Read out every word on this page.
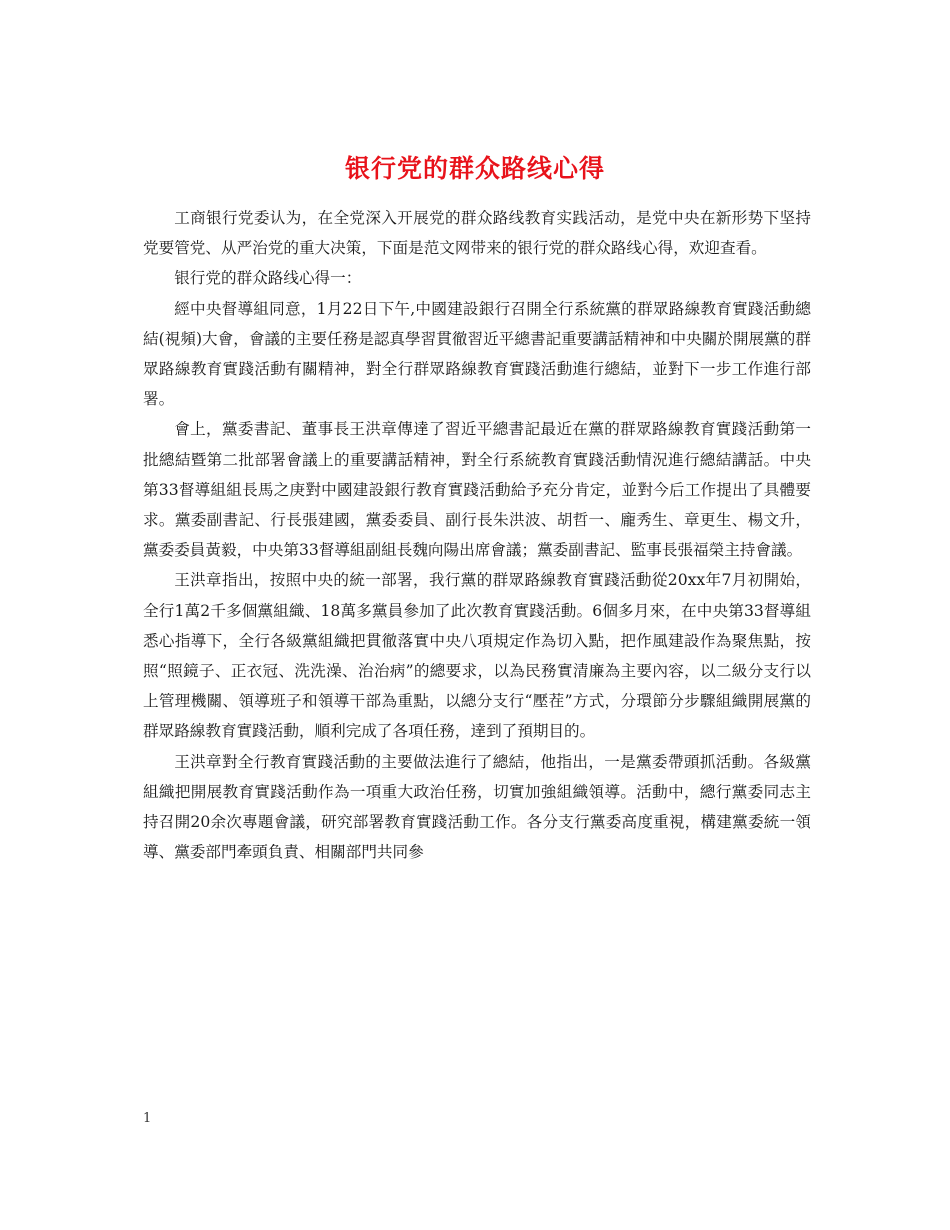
银行党的群众路线心得

工商银行党委认为，在全党深入开展党的群众路线教育实践活动，是党中央在新形势下坚持党要管党、从严治党的重大决策，下面是范文网带来的银行党的群众路线心得，欢迎查看。

银行党的群众路线心得一：

經中央督導組同意，1月22日下午,中國建設銀行召開全行系統黨的群眾路線教育實踐活動總結(視頻)大會，會議的主要任務是認真學習貫徹習近平總書記重要講話精神和中央關於開展黨的群眾路線教育實踐活動有關精神，對全行群眾路線教育實踐活動進行總結，並對下一步工作進行部署。

會上，黨委書記、董事長王洪章傳達了習近平總書記最近在黨的群眾路線教育實踐活動第一批總結暨第二批部署會議上的重要講話精神，對全行系統教育實踐活動情況進行總結講話。中央第33督導組組長馬之庚對中國建設銀行教育實踐活動給予充分肯定，並對今后工作提出了具體要求。黨委副書記、行長張建國，黨委委員、副行長朱洪波、胡哲一、龐秀生、章更生、楊文升，黨委委員黃毅，中央第33督導組副組長魏向陽出席會議；黨委副書記、監事長張福榮主持會議。

王洪章指出，按照中央的統一部署，我行黨的群眾路線教育實踐活動從20xx年7月初開始，全行1萬2千多個黨組織、18萬多黨員參加了此次教育實踐活動。6個多月來，在中央第33督導組悉心指導下，全行各級黨組織把貫徹落實中央八項規定作為切入點，把作風建設作為聚焦點，按照“照鏡子、正衣冠、洗洗澡、治治病”的總要求，以為民務實清廉為主要內容，以二級分支行以上管理機關、領導班子和領導干部為重點，以總分支行“壓茬”方式，分環節分步驟組織開展黨的群眾路線教育實踐活動，順利完成了各項任務，達到了預期目的。

王洪章對全行教育實踐活動的主要做法進行了總結，他指出，一是黨委帶頭抓活動。各級黨組織把開展教育實踐活動作為一項重大政治任務，切實加強組織領導。活動中，總行黨委同志主持召開20余次專題會議，研究部署教育實踐活動工作。各分支行黨委高度重視，構建黨委統一領導、黨委部門牽頭負責、相關部門共同參

1
